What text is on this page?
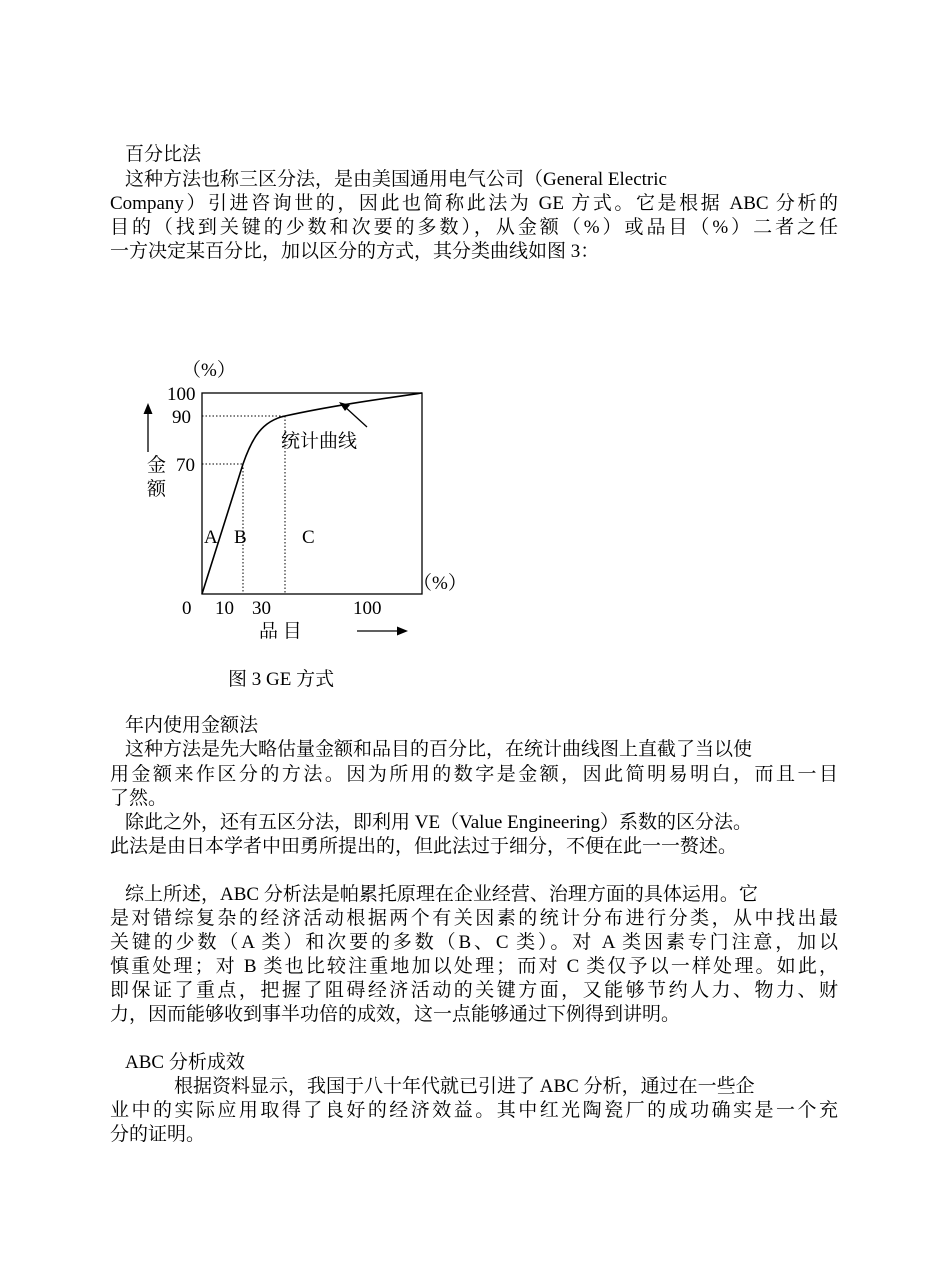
百分比法
这种方法也称三区分法，是由美国通用电气公司（General Electric
Company）引进咨询世的，因此也简称此法为 GE 方式。它是根据 ABC 分析的
目的（找到关键的少数和次要的多数），从金额（%）或品目（%）二者之任
一方决定某百分比，加以区分的方式，其分类曲线如图 3：
（%）
100
90
70
金
额
A B	C
统计曲线
（%）
0 10 30	100
品 目
图 3 GE 方式
年内使用金额法
这种方法是先大略估量金额和品目的百分比，在统计曲线图上直截了当以使
用金额来作区分的方法。因为所用的数字是金额，因此简明易明白，而且一目
了然。
除此之外，还有五区分法，即利用 VE（Value Engineering）系数的区分法。
此法是由日本学者中田勇所提出的，但此法过于细分，不便在此一一赘述。
综上所述，ABC 分析法是帕累托原理在企业经营、治理方面的具体运用。它
是对错综复杂的经济活动根据两个有关因素的统计分布进行分类，从中找出最
关键的少数（A 类）和次要的多数（B、C 类）。对 A 类因素专门注意，加以
慎重处理；对 B 类也比较注重地加以处理；而对 C 类仅予以一样处理。如此，
即保证了重点，把握了阻碍经济活动的关键方面，又能够节约人力、物力、财
力，因而能够收到事半功倍的成效，这一点能够通过下例得到讲明。
ABC 分析成效
根据资料显示，我国于八十年代就已引进了 ABC 分析，通过在一些企
业中的实际应用取得了良好的经济效益。其中红光陶瓷厂的成功确实是一个充
分的证明。
